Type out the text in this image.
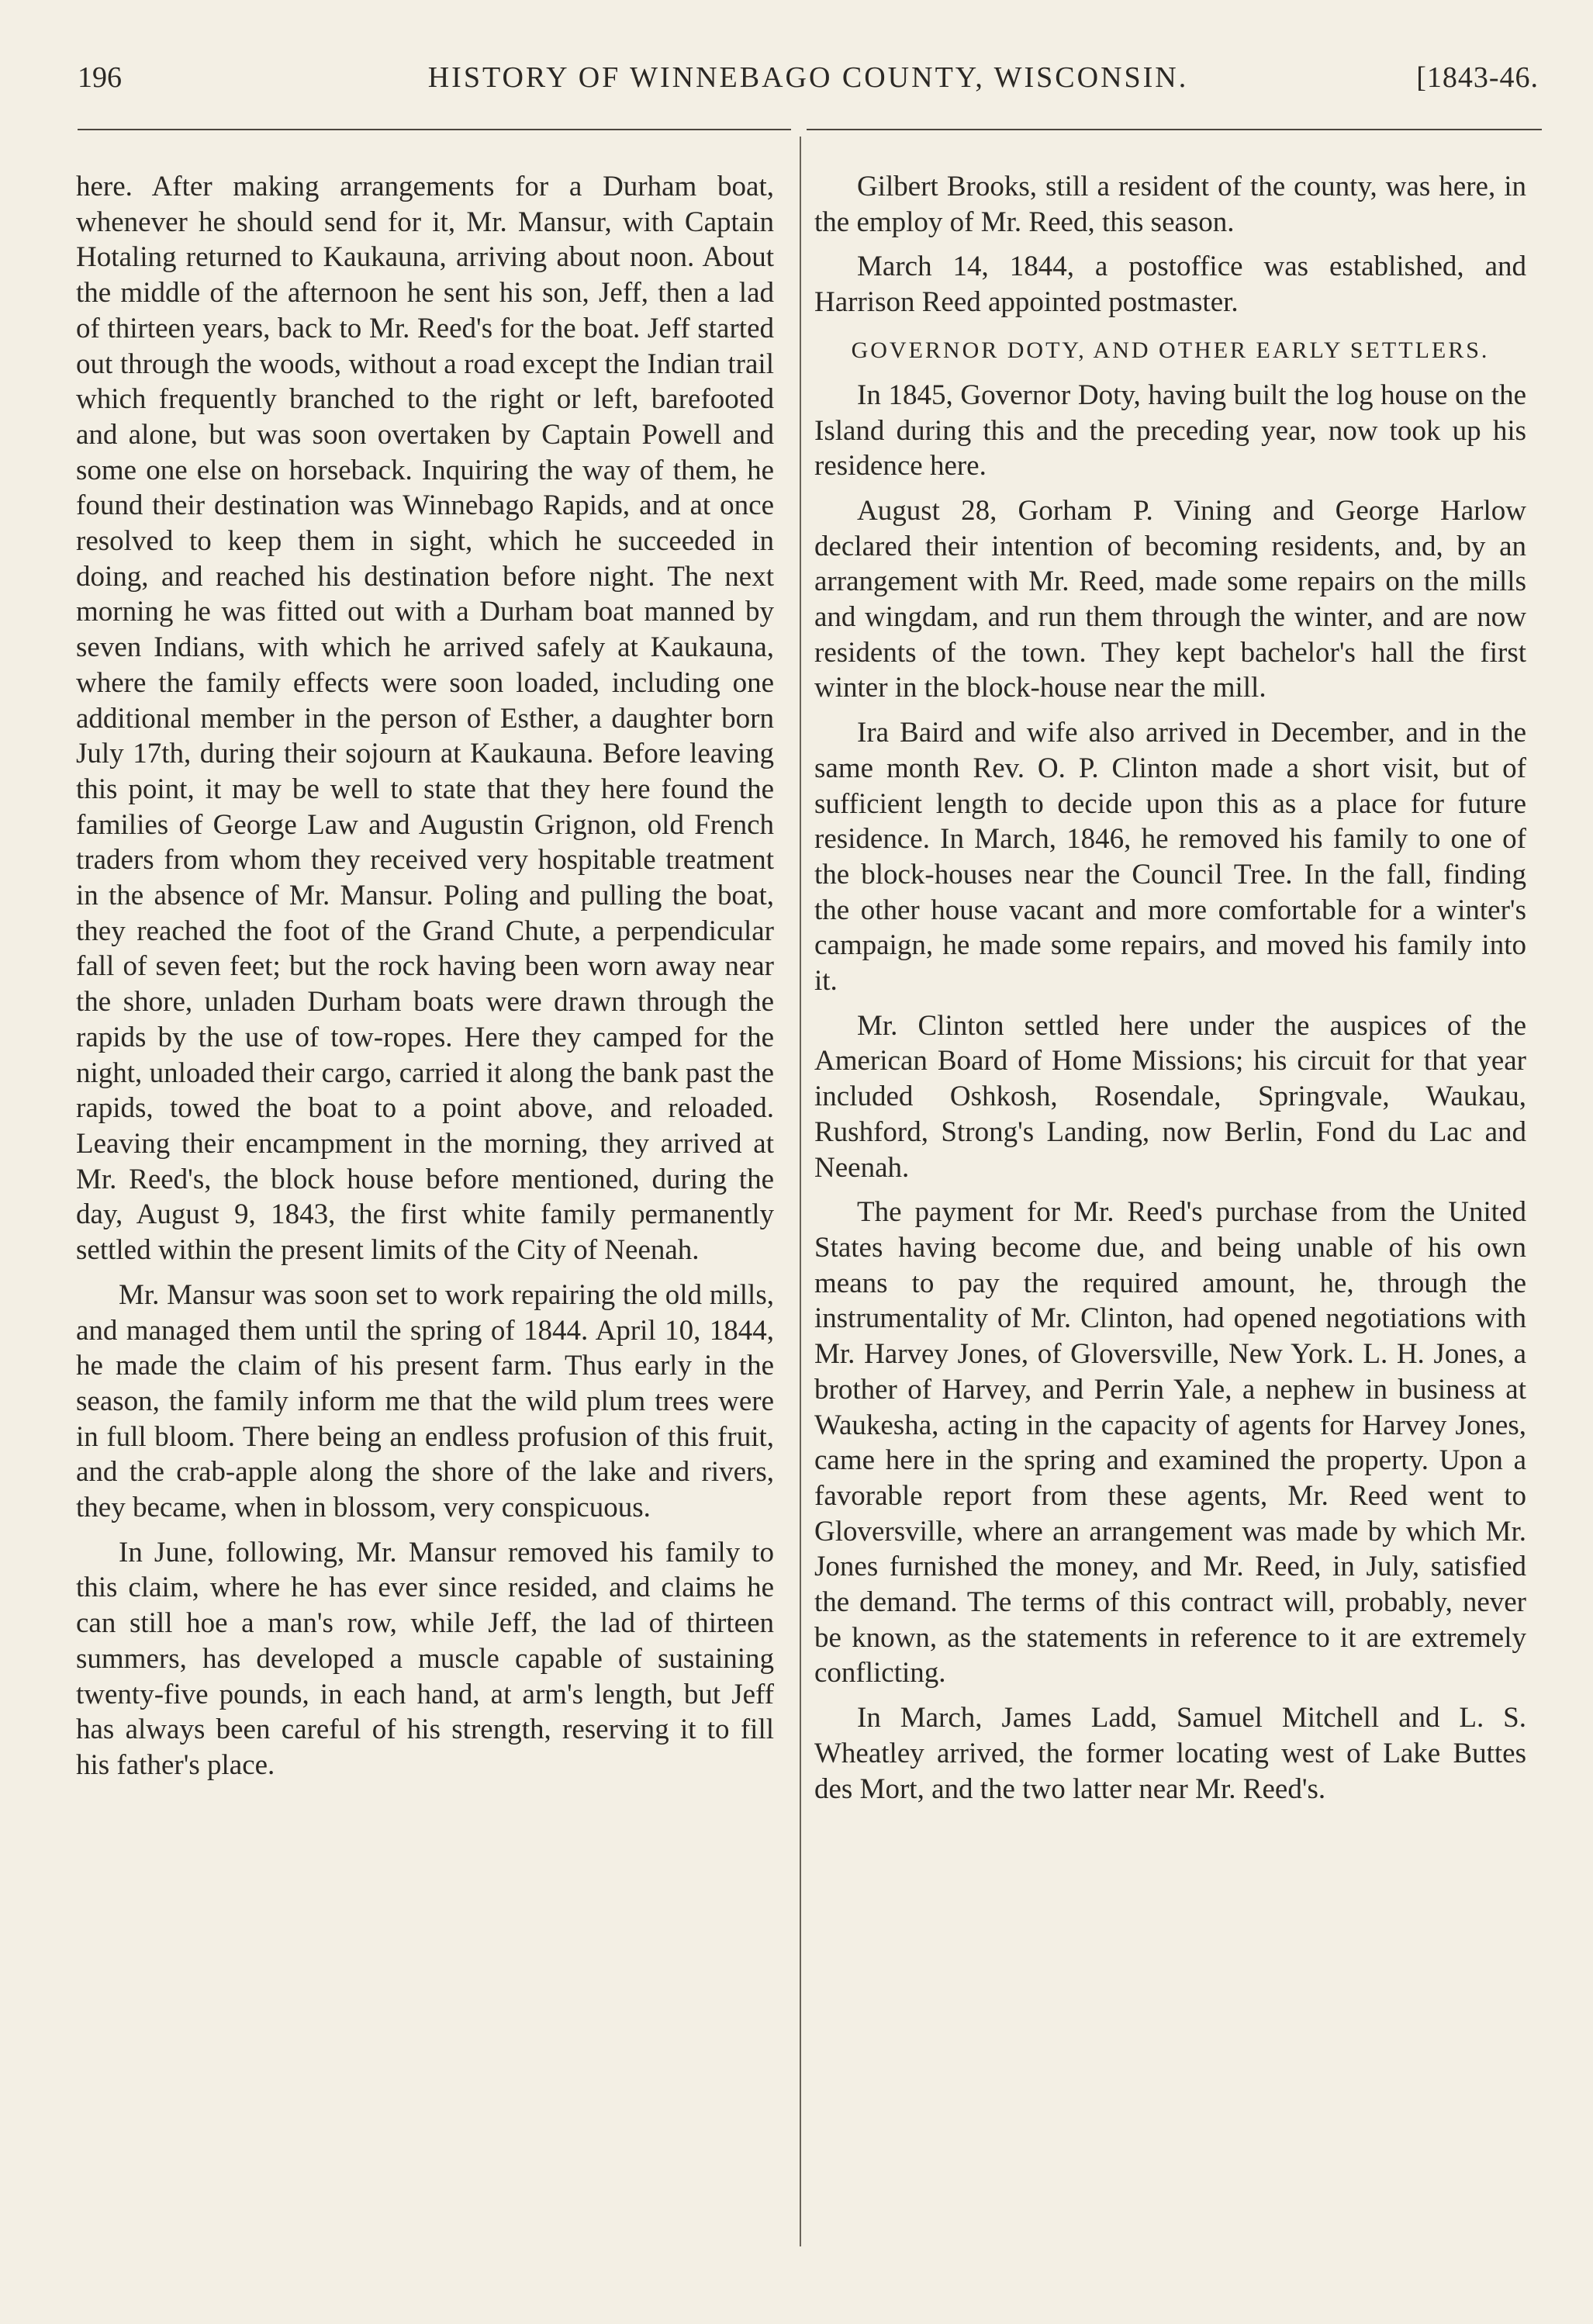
196	HISTORY OF WINNEBAGO COUNTY, WISCONSIN.	[1843-46.

here. After making arrangements for a Durham boat, whenever he should send for it, Mr. Mansur, with Captain Hotaling returned to Kaukauna, arriving about noon. About the middle of the afternoon he sent his son, Jeff, then a lad of thirteen years, back to Mr. Reed's for the boat. Jeff started out through the woods, without a road except the Indian trail which frequently branched to the right or left, barefooted and alone, but was soon overtaken by Captain Powell and some one else on horseback. Inquiring the way of them, he found their destination was Winnebago Rapids, and at once resolved to keep them in sight, which he succeeded in doing, and reached his destination before night. The next morning he was fitted out with a Durham boat manned by seven Indians, with which he arrived safely at Kaukauna, where the family effects were soon loaded, including one additional member in the person of Esther, a daughter born July 17th, during their sojourn at Kaukauna. Before leaving this point, it may be well to state that they here found the families of George Law and Augustin Grignon, old French traders from whom they received very hospitable treatment in the absence of Mr. Mansur. Poling and pulling the boat, they reached the foot of the Grand Chute, a perpendicular fall of seven feet; but the rock having been worn away near the shore, unladen Durham boats were drawn through the rapids by the use of tow-ropes. Here they camped for the night, unloaded their cargo, carried it along the bank past the rapids, towed the boat to a point above, and reloaded. Leaving their encampment in the morning, they arrived at Mr. Reed's, the block house before mentioned, during the day, August 9, 1843, the first white family permanently settled within the present limits of the City of Neenah.

Mr. Mansur was soon set to work repairing the old mills, and managed them until the spring of 1844. April 10, 1844, he made the claim of his present farm. Thus early in the season, the family inform me that the wild plum trees were in full bloom. There being an endless profusion of this fruit, and the crab-apple along the shore of the lake and rivers, they became, when in blossom, very conspicuous.

In June, following, Mr. Mansur removed his family to this claim, where he has ever since resided, and claims he can still hoe a man's row, while Jeff, the lad of thirteen summers, has developed a muscle capable of sustaining twenty-five pounds, in each hand, at arm's length, but Jeff has always been careful of his strength, reserving it to fill his father's place.

Gilbert Brooks, still a resident of the county, was here, in the employ of Mr. Reed, this season.

March 14, 1844, a postoffice was established, and Harrison Reed appointed postmaster.

GOVERNOR DOTY, AND OTHER EARLY SETTLERS.

In 1845, Governor Doty, having built the log house on the Island during this and the preceding year, now took up his residence here.

August 28, Gorham P. Vining and George Harlow declared their intention of becoming residents, and, by an arrangement with Mr. Reed, made some repairs on the mills and wingdam, and run them through the winter, and are now residents of the town. They kept bachelor's hall the first winter in the block-house near the mill.

Ira Baird and wife also arrived in December, and in the same month Rev. O. P. Clinton made a short visit, but of sufficient length to decide upon this as a place for future residence. In March, 1846, he removed his family to one of the block-houses near the Council Tree. In the fall, finding the other house vacant and more comfortable for a winter's campaign, he made some repairs, and moved his family into it.

Mr. Clinton settled here under the auspices of the American Board of Home Missions; his circuit for that year included Oshkosh, Rosendale, Springvale, Waukau, Rushford, Strong's Landing, now Berlin, Fond du Lac and Neenah.

The payment for Mr. Reed's purchase from the United States having become due, and being unable of his own means to pay the required amount, he, through the instrumentality of Mr. Clinton, had opened negotiations with Mr. Harvey Jones, of Gloversville, New York. L. H. Jones, a brother of Harvey, and Perrin Yale, a nephew in business at Waukesha, acting in the capacity of agents for Harvey Jones, came here in the spring and examined the property. Upon a favorable report from these agents, Mr. Reed went to Gloversville, where an arrangement was made by which Mr. Jones furnished the money, and Mr. Reed, in July, satisfied the demand. The terms of this contract will, probably, never be known, as the statements in reference to it are extremely conflicting.

In March, James Ladd, Samuel Mitchell and L. S. Wheatley arrived, the former locating west of Lake Buttes des Mort, and the two latter near Mr. Reed's.
